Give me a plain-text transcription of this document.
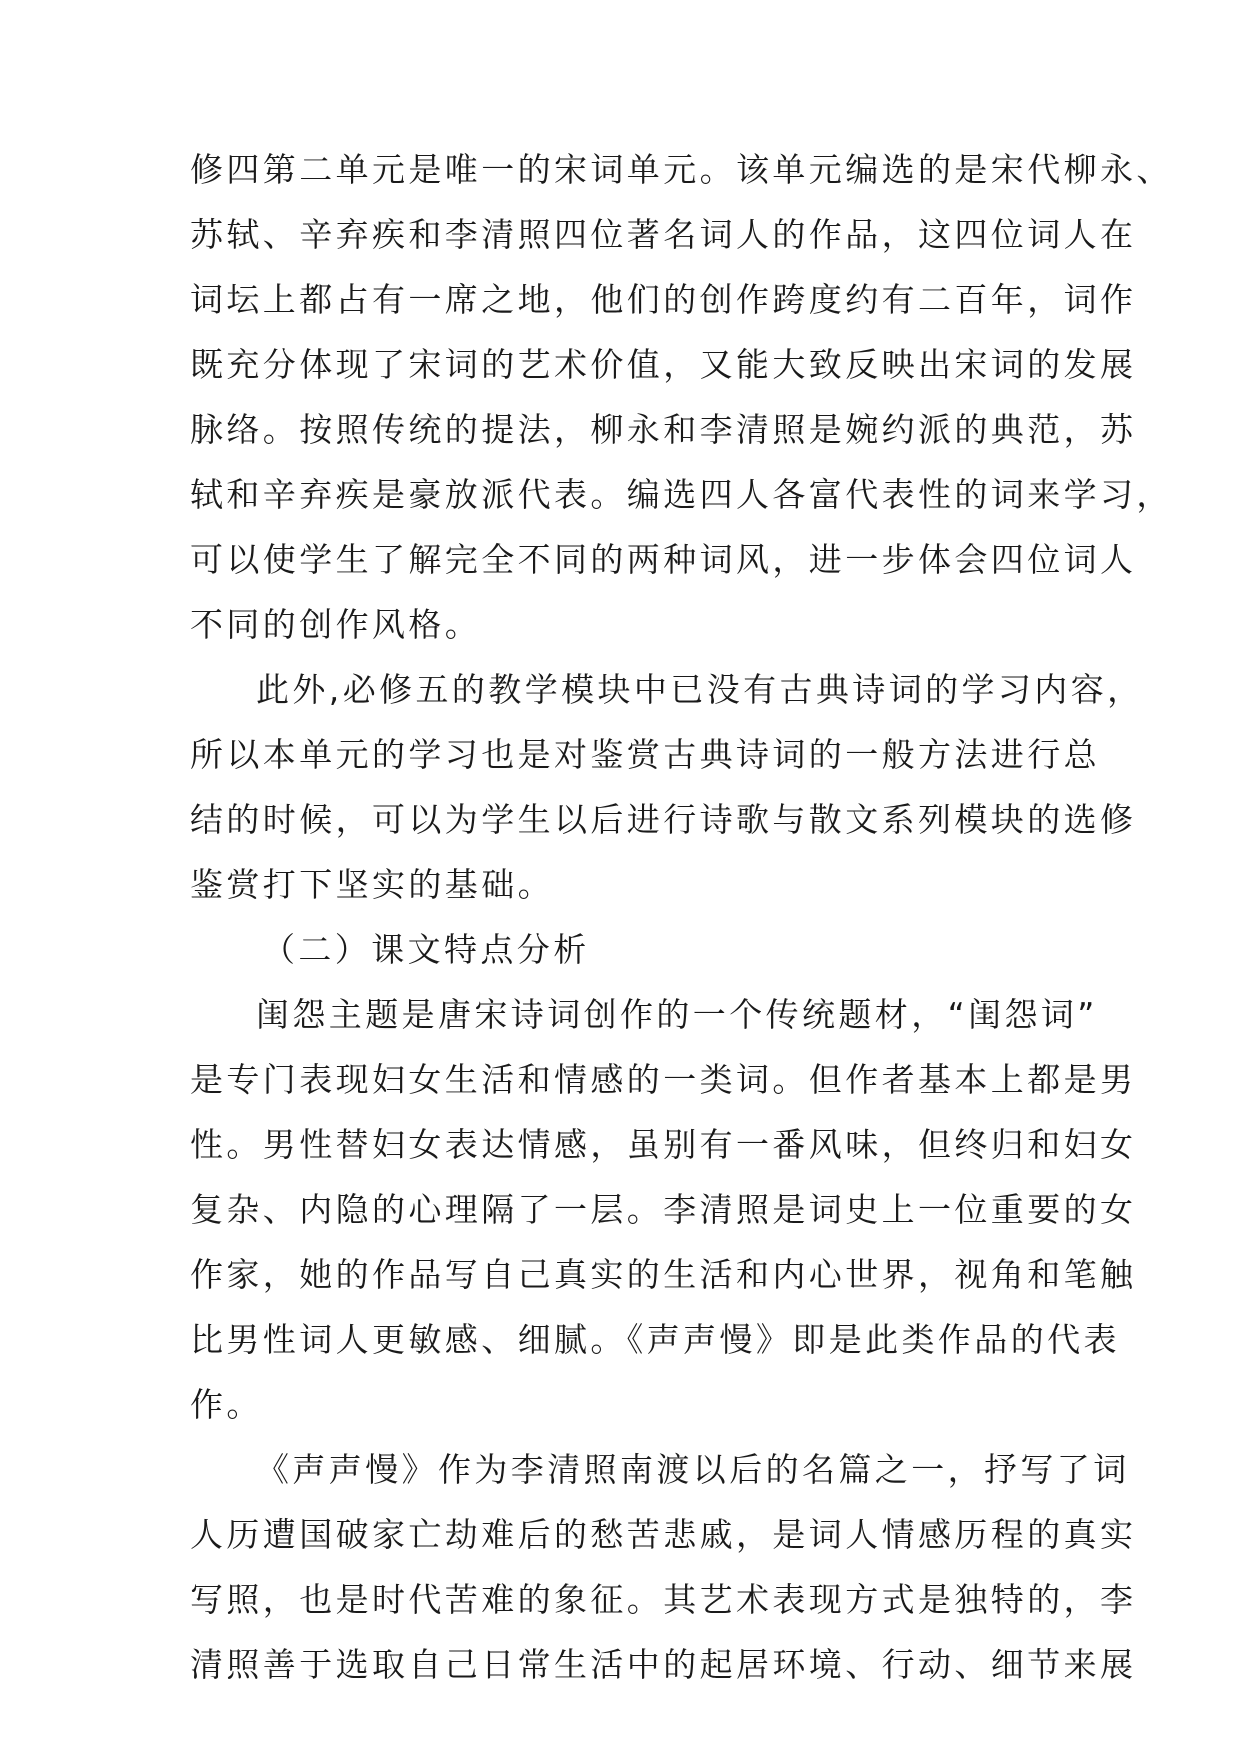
修四第二单元是唯一的宋词单元。该单元编选的是宋代柳永、
苏轼、辛弃疾和李清照四位著名词人的作品，这四位词人在
词坛上都占有一席之地，他们的创作跨度约有二百年，词作
既充分体现了宋词的艺术价值，又能大致反映出宋词的发展
脉络。按照传统的提法，柳永和李清照是婉约派的典范，苏
轼和辛弃疾是豪放派代表。编选四人各富代表性的词来学习，
可以使学生了解完全不同的两种词风，进一步体会四位词人
不同的创作风格。
此外,必修五的教学模块中已没有古典诗词的学习内容，
所以本单元的学习也是对鉴赏古典诗词的一般方法进行总
结的时候，可以为学生以后进行诗歌与散文系列模块的选修
鉴赏打下坚实的基础。
（二）课文特点分析
闺怨主题是唐宋诗词创作的一个传统题材，“闺怨词”
是专门表现妇女生活和情感的一类词。但作者基本上都是男
性。男性替妇女表达情感，虽别有一番风味，但终归和妇女
复杂、内隐的心理隔了一层。李清照是词史上一位重要的女
作家，她的作品写自己真实的生活和内心世界，视角和笔触
比男性词人更敏感、细腻。《声声慢》即是此类作品的代表
作。
《声声慢》作为李清照南渡以后的名篇之一，抒写了词
人历遭国破家亡劫难后的愁苦悲戚，是词人情感历程的真实
写照，也是时代苦难的象征。其艺术表现方式是独特的，李
清照善于选取自己日常生活中的起居环境、行动、细节来展
